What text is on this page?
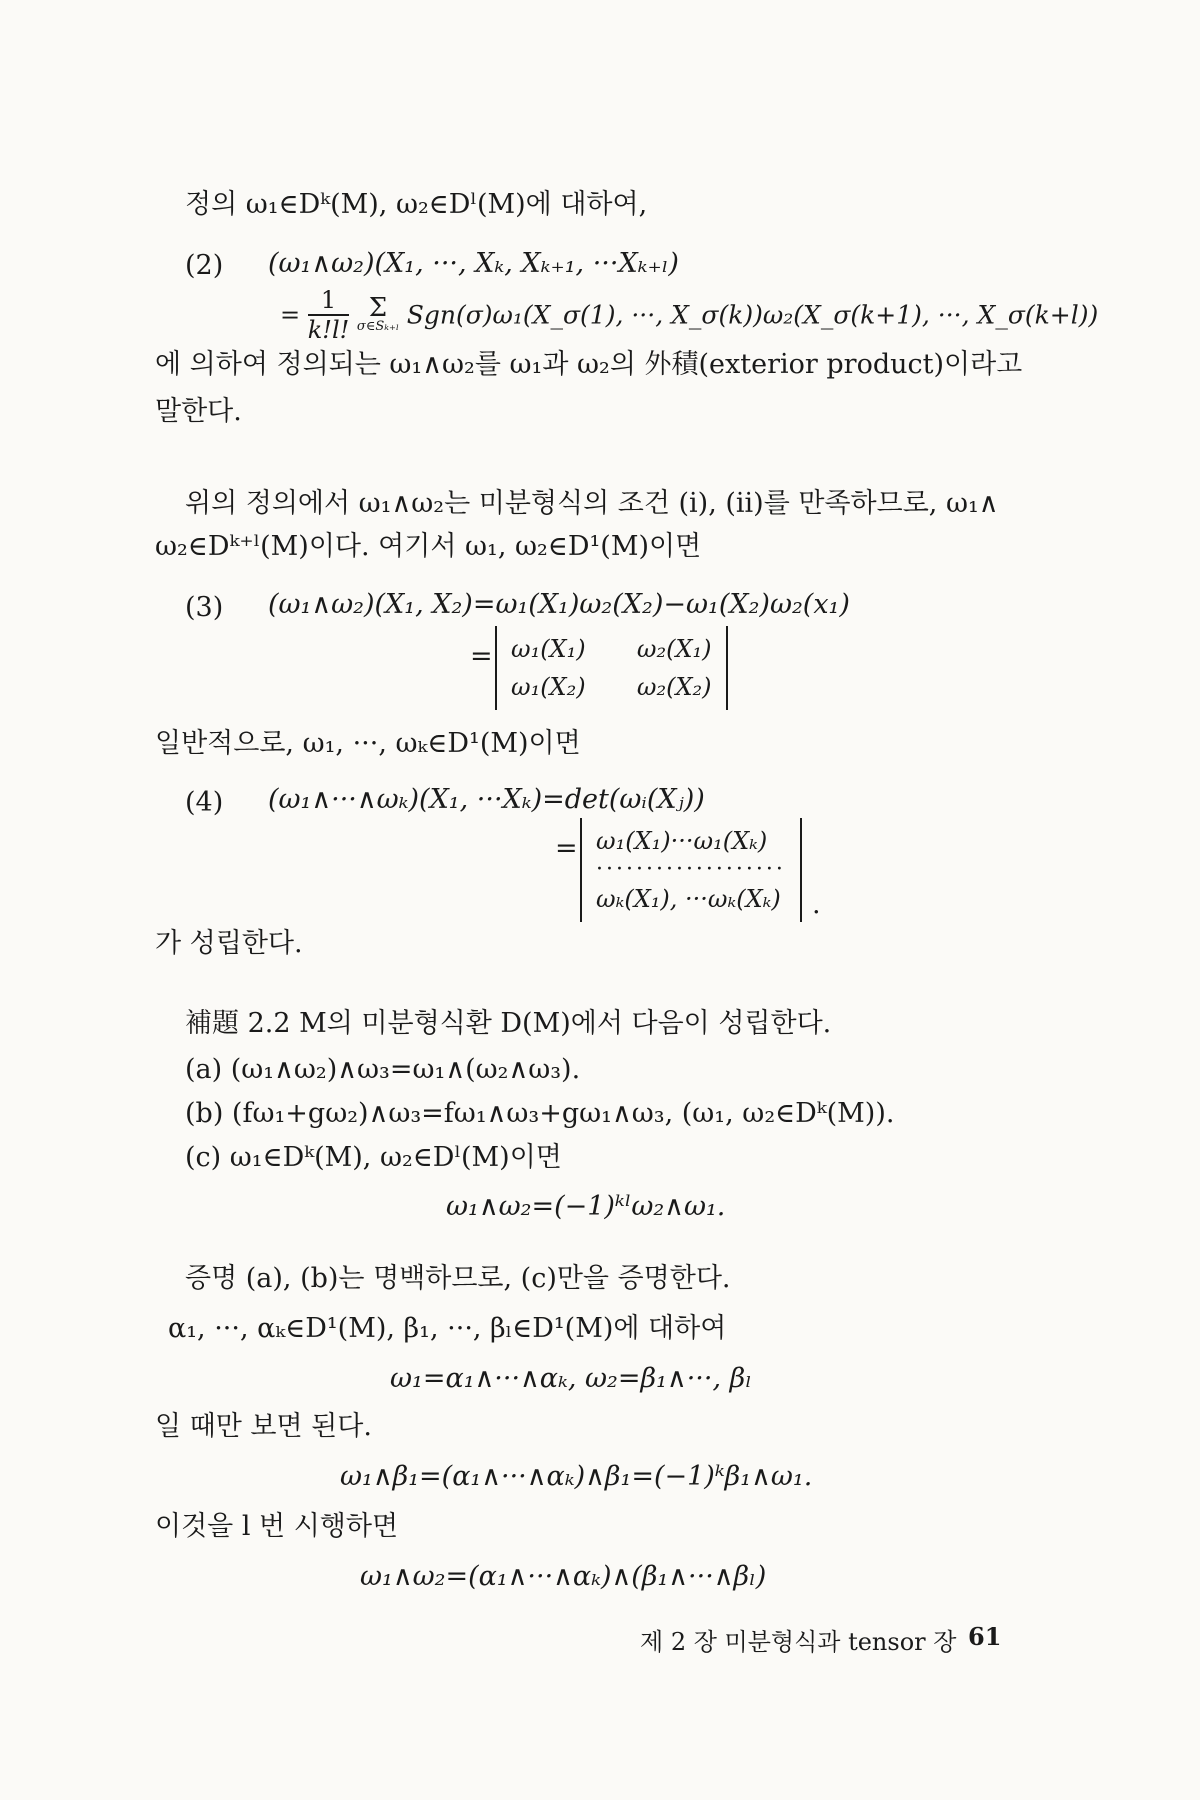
정의 ω₁∈Dᵏ(M), ω₂∈Dˡ(M)에 대하여,
(2) (ω₁∧ω₂)(X₁, ···, Xₖ, Xₖ₊₁, ···Xₖ₊ₗ)
= $\frac{1}{k!l!}$
Σ
σ∈Sₖ₊ₗ Sgn(σ)ω₁(X_σ(1), ···, X_σ(k))ω₂(X_σ(k+1), ···, X_σ(k+l))
에 의하여 정의되는 ω₁∧ω₂를 ω₁과 ω₂의 外積(exterior product)이라고
말한다.
위의 정의에서 ω₁∧ω₂는 미분형식의 조건 (i), (ii)를 만족하므로, ω₁∧
ω₂∈Dᵏ⁺ˡ(M)이다. 여기서 ω₁, ω₂∈D¹(M)이면
(3) (ω₁∧ω₂)(X₁, X₂)=ω₁(X₁)ω₂(X₂)−ω₁(X₂)ω₂(x₁)
= ω₁(X₁) ω₂(X₁)
ω₁(X₂) ω₂(X₂)
일반적으로, ω₁, ···, ωₖ∈D¹(M)이면
(4) (ω₁∧···∧ωₖ)(X₁, ···Xₖ)=det(ωᵢ(Xⱼ))
= ω₁(X₁)···ω₁(Xₖ)
···················
ωₖ(X₁), ···ωₖ(Xₖ) .
가 성립한다.
補題 2.2 M의 미분형식환 D(M)에서 다음이 성립한다.
(a) (ω₁∧ω₂)∧ω₃=ω₁∧(ω₂∧ω₃).
(b) (fω₁+gω₂)∧ω₃=fω₁∧ω₃+gω₁∧ω₃, (ω₁, ω₂∈Dᵏ(M)).
(c) ω₁∈Dᵏ(M), ω₂∈Dˡ(M)이면
ω₁∧ω₂=(−1)ᵏˡω₂∧ω₁.
증명 (a), (b)는 명백하므로, (c)만을 증명한다.
α₁, ···, αₖ∈D¹(M), β₁, ···, βₗ∈D¹(M)에 대하여
ω₁=α₁∧···∧αₖ, ω₂=β₁∧···, βₗ
일 때만 보면 된다.
ω₁∧β₁=(α₁∧···∧αₖ)∧β₁=(−1)ᵏβ₁∧ω₁.
이것을 l 번 시행하면
ω₁∧ω₂=(α₁∧···∧αₖ)∧(β₁∧···∧βₗ)
제 2 장 미분형식과 tensor 장 61
